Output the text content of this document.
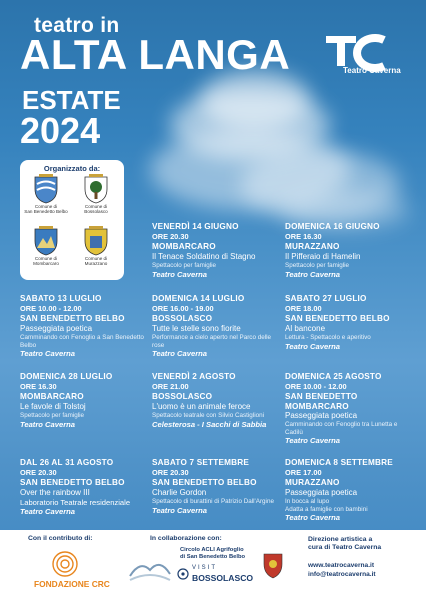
teatro in
ALTA LANGA
ESTATE
2024
Teatro Caverna
Organizzato da:
Comune di
San Benedetto Belbo
Comune di
Bossolasco
Comune di
Mombarcaro
Comune di
Murazzano
VENERDÌ 14 GIUGNO
ORE 20.30
MOMBARCARO
Il Tenace Soldatino di Stagno
Spettacolo per famiglie
Teatro Caverna
DOMENICA 16 GIUGNO
ORE 16.30
MURAZZANO
Il Pifferaio di Hamelin
Spettacolo per famiglie
Teatro Caverna
SABATO 13 LUGLIO
ORE 10.00 - 12.00
SAN BENEDETTO BELBO
Passeggiata poetica
Camminando con Fenoglio a San Benedetto Belbo
Teatro Caverna
DOMENICA 14 LUGLIO
ORE 16.00 - 19.00
BOSSOLASCO
Tutte le stelle sono fiorite
Performance a cielo aperto nel Parco delle rose
Teatro Caverna
SABATO 27 LUGLIO
ORE 18.00
SAN BENEDETTO BELBO
Al bancone
Lettura - Spettacolo e aperitivo
Teatro Caverna
DOMENICA 28 LUGLIO
ORE 16.30
MOMBARCARO
Le favole di Tolstoj
Spettacolo per famiglie
Teatro Caverna
VENERDÌ 2 AGOSTO
ORE 21.00
BOSSOLASCO
L'uomo è un animale feroce
Spettacolo teatrale con Silvio Castiglioni
Celesterosa - I Sacchi di Sabbia
DOMENICA 25 AGOSTO
ORE 10.00 - 12.00
SAN BENEDETTO
MOMBARCARO
Passeggiata poetica
Camminando con Fenoglio tra Lunetta e Cadilù
Teatro Caverna
DAL 26 AL 31 AGOSTO
ORE 20.30
SAN BENEDETTO BELBO
Over the rainbow III
Laboratorio Teatrale residenziale
Teatro Caverna
SABATO 7 SETTEMBRE
ORE 20.30
SAN BENEDETTO BELBO
Charlie Gordon
Spettacolo di burattini di Patrizio Dall'Argine
Teatro Caverna
DOMENICA 8 SETTEMBRE
ORE 17.00
MURAZZANO
Passeggiata poetica
In bocca al lupo
Adatta a famiglie con bambini
Teatro Caverna
Con il contributo di:
FONDAZIONE CRC
In collaborazione con:
Circolo ACLI Agrifoglio
di San Benedetto Belbo
VISIT
BOSSOLASCO
Direzione artistica a
cura di Teatro Caverna
www.teatrocaverna.it
info@teatrocaverna.it
